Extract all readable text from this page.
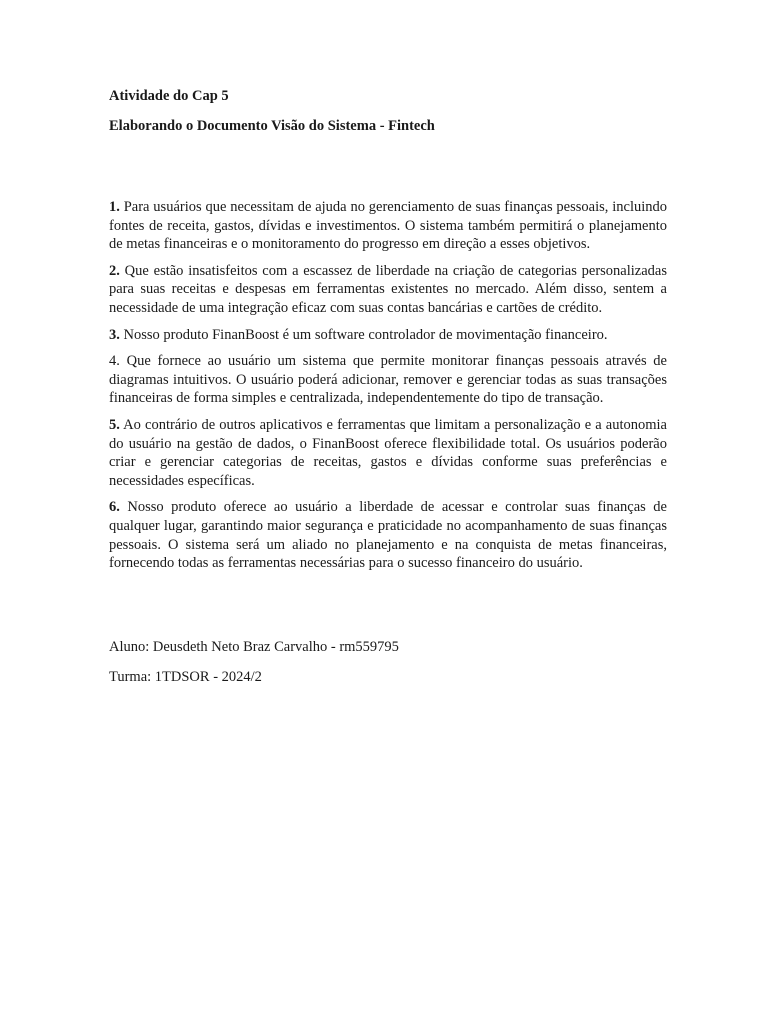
Atividade do Cap 5

Elaborando o Documento Visão do Sistema - Fintech

1. Para usuários que necessitam de ajuda no gerenciamento de suas finanças pessoais, incluindo fontes de receita, gastos, dívidas e investimentos. O sistema também permitirá o planejamento de metas financeiras e o monitoramento do progresso em direção a esses objetivos.

2. Que estão insatisfeitos com a escassez de liberdade na criação de categorias personalizadas para suas receitas e despesas em ferramentas existentes no mercado. Além disso, sentem a necessidade de uma integração eficaz com suas contas bancárias e cartões de crédito.

3. Nosso produto FinanBoost é um software controlador de movimentação financeiro.

4. Que fornece ao usuário um sistema que permite monitorar finanças pessoais através de diagramas intuitivos. O usuário poderá adicionar, remover e gerenciar todas as suas transações financeiras de forma simples e centralizada, independentemente do tipo de transação.

5. Ao contrário de outros aplicativos e ferramentas que limitam a personalização e a autonomia do usuário na gestão de dados, o FinanBoost oferece flexibilidade total. Os usuários poderão criar e gerenciar categorias de receitas, gastos e dívidas conforme suas preferências e necessidades específicas.

6. Nosso produto oferece ao usuário a liberdade de acessar e controlar suas finanças de qualquer lugar, garantindo maior segurança e praticidade no acompanhamento de suas finanças pessoais. O sistema será um aliado no planejamento e na conquista de metas financeiras, fornecendo todas as ferramentas necessárias para o sucesso financeiro do usuário.

Aluno: Deusdeth Neto Braz Carvalho - rm559795

Turma: 1TDSOR - 2024/2
